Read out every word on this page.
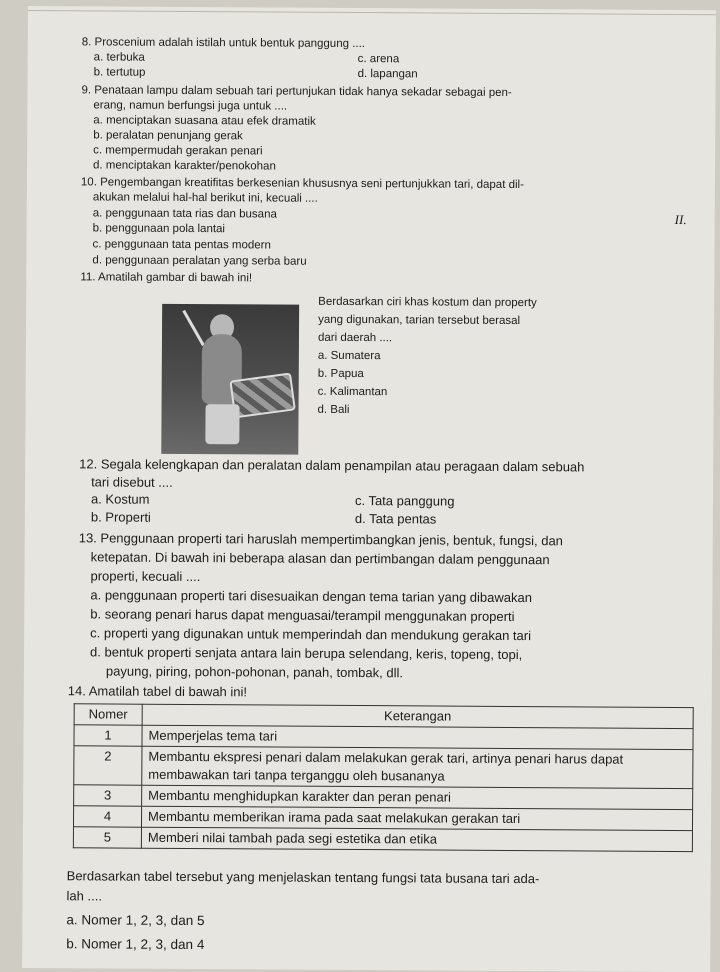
8. Proscenium adalah istilah untuk bentuk panggung ....
a. terbuka	c. arena
b. tertutup	d. lapangan
9. Penataan lampu dalam sebuah tari pertunjukan tidak hanya sekadar sebagai pen-
erang, namun berfungsi juga untuk ....
a. menciptakan suasana atau efek dramatik
b. peralatan penunjang gerak
c. mempermudah gerakan penari
d. menciptakan karakter/penokohan
10. Pengembangan kreatifitas berkesenian khususnya seni pertunjukkan tari, dapat dil-
akukan melalui hal-hal berikut ini, kecuali ....
a. penggunaan tata rias dan busana
b. penggunaan pola lantai
c. penggunaan tata pentas modern
d. penggunaan peralatan yang serba baru
II.
11. Amatilah gambar di bawah ini!
Berdasarkan ciri khas kostum dan property
yang digunakan, tarian tersebut berasal
dari daerah ....
a. Sumatera
b. Papua
c. Kalimantan
d. Bali
12. Segala kelengkapan dan peralatan dalam penampilan atau peragaan dalam sebuah
tari disebut ....
a. Kostum	c. Tata panggung
b. Properti	d. Tata pentas
13. Penggunaan properti tari haruslah mempertimbangkan jenis, bentuk, fungsi, dan
ketepatan. Di bawah ini beberapa alasan dan pertimbangan dalam penggunaan
properti, kecuali ....
a. penggunaan properti tari disesuaikan dengan tema tarian yang dibawakan
b. seorang penari harus dapat menguasai/terampil menggunakan properti
c. properti yang digunakan untuk memperindah dan mendukung gerakan tari
d. bentuk properti senjata antara lain berupa selendang, keris, topeng, topi,
payung, piring, pohon-pohonan, panah, tombak, dll.
14. Amatilah tabel di bawah ini!
Nomer	Keterangan
1	Memperjelas tema tari
2	Membantu ekspresi penari dalam melakukan gerak tari, artinya penari harus dapat membawakan tari tanpa terganggu oleh busananya
3	Membantu menghidupkan karakter dan peran penari
4	Membantu memberikan irama pada saat melakukan gerakan tari
5	Memberi nilai tambah pada segi estetika dan etika
Berdasarkan tabel tersebut yang menjelaskan tentang fungsi tata busana tari ada-
lah ....
a. Nomer 1, 2, 3, dan 5
b. Nomer 1, 2, 3, dan 4
